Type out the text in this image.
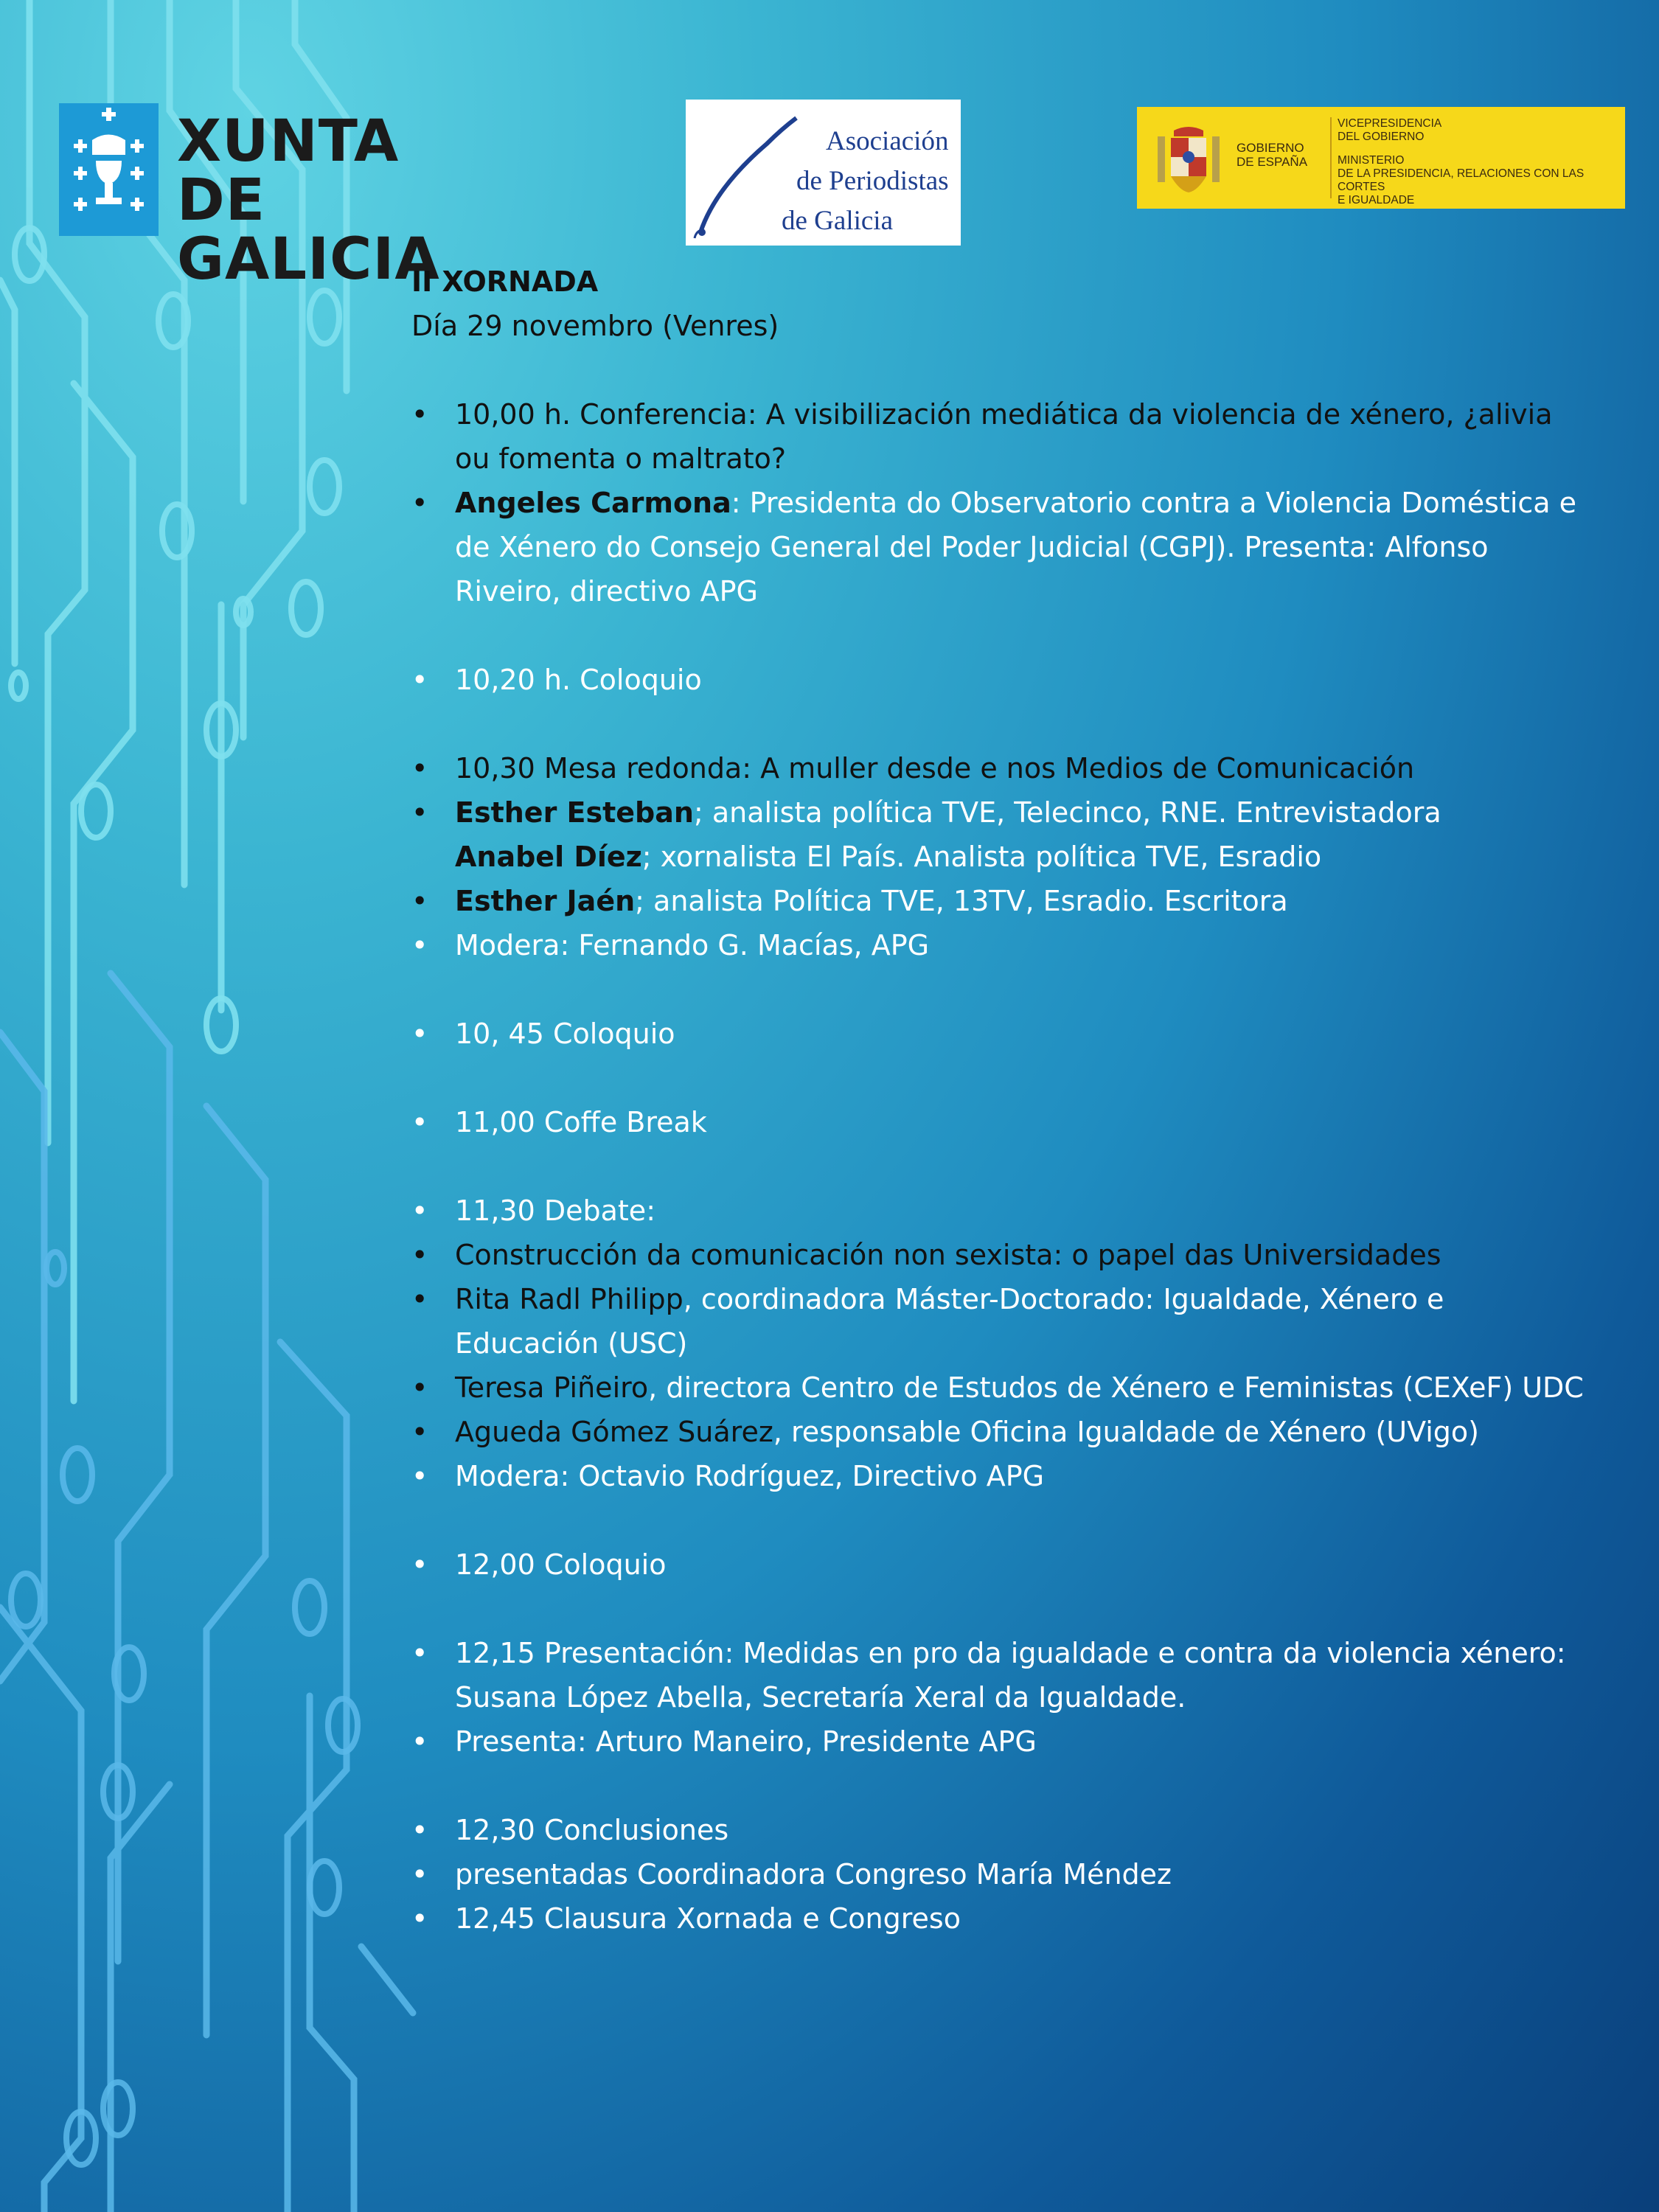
XUNTA
DE GALICIA
Asociación
de Periodistas
de Galicia
GOBIERNO
DE ESPAÑA
VICEPRESIDENCIA
DEL GOBIERNO
MINISTERIO
DE LA PRESIDENCIA, RELACIONES CON LAS CORTES
E IGUALDADE

II XORNADA

Día 29 novembro (Venres)

• 10,00 h. Conferencia: A visibilización mediática da violencia de xénero, ¿alivia ou fomenta o maltrato?
• Angeles Carmona: Presidenta do Observatorio contra a Violencia Doméstica e de Xénero do Consejo General del Poder Judicial (CGPJ). Presenta: Alfonso Riveiro, directivo APG
• 10,20 h. Coloquio
• 10,30 Mesa redonda: A muller desde e nos Medios de Comunicación
• Esther Esteban; analista política TVE, Telecinco, RNE. Entrevistadora
Anabel Díez; xornalista El País. Analista política TVE, Esradio
• Esther Jaén; analista Política TVE, 13TV, Esradio. Escritora
• Modera: Fernando G. Macías, APG
• 10, 45 Coloquio
• 11,00 Coffe Break
• 11,30 Debate:
• Construcción da comunicación non sexista: o papel das Universidades
• Rita Radl Philipp, coordinadora Máster-Doctorado: Igualdade, Xénero e Educación (USC)
• Teresa Piñeiro, directora Centro de Estudos de Xénero e Feministas (CEXeF) UDC
• Agueda Gómez Suárez, responsable Oficina Igualdade de Xénero (UVigo)
• Modera: Octavio Rodríguez, Directivo APG
• 12,00 Coloquio
• 12,15 Presentación: Medidas en pro da igualdade e contra da violencia xénero: Susana López Abella, Secretaría Xeral da Igualdade.
• Presenta: Arturo Maneiro, Presidente APG
• 12,30 Conclusiones
• presentadas Coordinadora Congreso María Méndez
• 12,45 Clausura Xornada e Congreso
